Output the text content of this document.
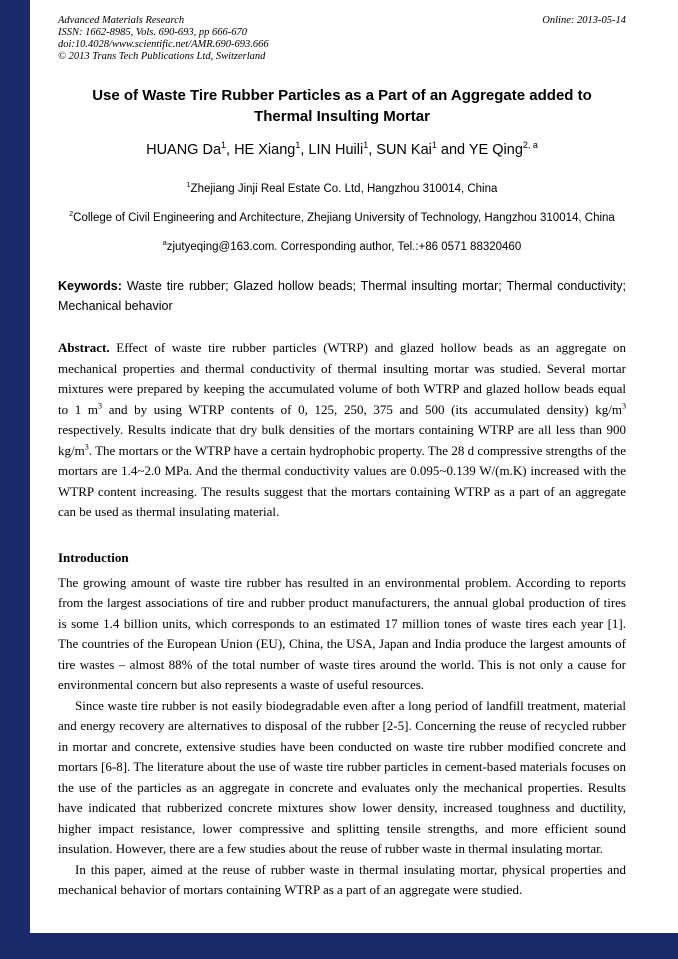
Advanced Materials Research
ISSN: 1662-8985, Vols. 690-693, pp 666-670
doi:10.4028/www.scientific.net/AMR.690-693.666
© 2013 Trans Tech Publications Ltd, Switzerland
Online: 2013-05-14
Use of Waste Tire Rubber Particles as a Part of an Aggregate added to
Thermal Insulting Mortar

HUANG Da$^1$, HE Xiang$^1$, LIN Huili$^1$, SUN Kai$^1$ and YE Qing$^{2, a}$

$^1$Zhejiang Jinji Real Estate Co. Ltd, Hangzhou 310014, China

$^2$College of Civil Engineering and Architecture, Zhejiang University of Technology, Hangzhou 310014, China

$^a$zjutyeqing@163.com. Corresponding author, Tel.:+86 0571 88320460

Keywords: Waste tire rubber; Glazed hollow beads; Thermal insulting mortar; Thermal conductivity; Mechanical behavior

Abstract. Effect of waste tire rubber particles (WTRP) and glazed hollow beads as an aggregate on mechanical properties and thermal conductivity of thermal insulting mortar was studied. Several mortar mixtures were prepared by keeping the accumulated volume of both WTRP and glazed hollow beads equal to 1 $m^3$ and by using WTRP contents of 0, 125, 250, 375 and 500 (its accumulated density) $kg/m^3$ respectively. Results indicate that dry bulk densities of the mortars containing WTRP are all less than 900 $kg/m^3$. The mortars or the WTRP have a certain hydrophobic property. The 28 d compressive strengths of the mortars are 1.4~2.0 MPa. And the thermal conductivity values are 0.095~0.139 W/(m.K) increased with the WTRP content increasing. The results suggest that the mortars containing WTRP as a part of an aggregate can be used as thermal insulating material.

Introduction

The growing amount of waste tire rubber has resulted in an environmental problem. According to reports from the largest associations of tire and rubber product manufacturers, the annual global production of tires is some 1.4 billion units, which corresponds to an estimated 17 million tones of waste tires each year [1]. The countries of the European Union (EU), China, the USA, Japan and India produce the largest amounts of tire wastes – almost 88% of the total number of waste tires around the world. This is not only a cause for environmental concern but also represents a waste of useful resources.

Since waste tire rubber is not easily biodegradable even after a long period of landfill treatment, material and energy recovery are alternatives to disposal of the rubber [2-5]. Concerning the reuse of recycled rubber in mortar and concrete, extensive studies have been conducted on waste tire rubber modified concrete and mortars [6-8]. The literature about the use of waste tire rubber particles in cement-based materials focuses on the use of the particles as an aggregate in concrete and evaluates only the mechanical properties. Results have indicated that rubberized concrete mixtures show lower density, increased toughness and ductility, higher impact resistance, lower compressive and splitting tensile strengths, and more efficient sound insulation. However, there are a few studies about the reuse of rubber waste in thermal insulating mortar.

In this paper, aimed at the reuse of rubber waste in thermal insulating mortar, physical properties and mechanical behavior of mortars containing WTRP as a part of an aggregate were studied.
